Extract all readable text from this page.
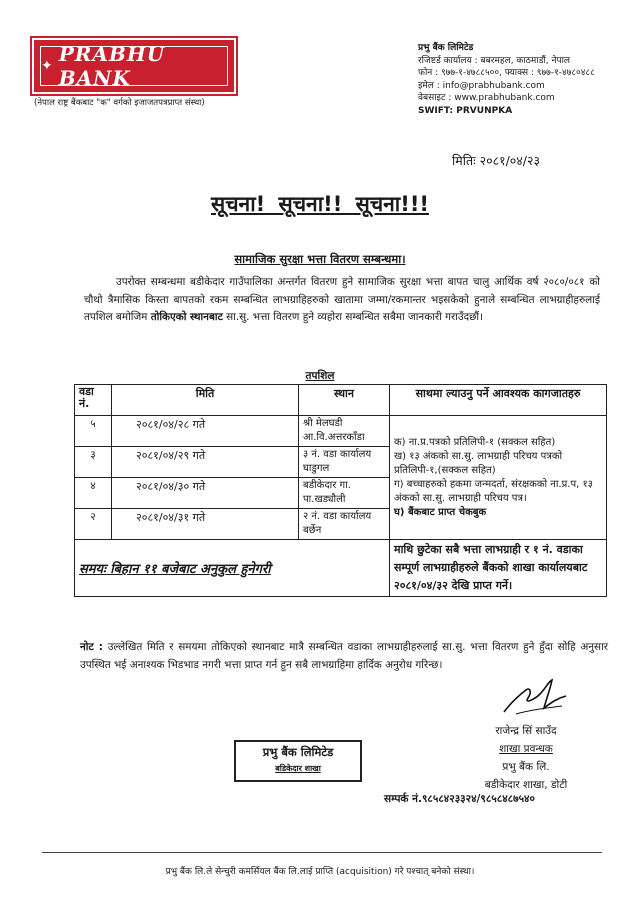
✦ PRABHU BANK
(नेपाल राष्ट्र बैंकबाट "क" वर्गको इजाजतपत्रप्राप्त संस्था)
प्रभु बैंक लिमिटेड
रजिष्टर्ड कार्यालय : बबरमहल, काठमाडौं, नेपाल
फोन : ९७७-१-४७८८५००, फ्याक्स : ९७७-१-४७८०४८८
इमेल : info@prabhubank.com
वेबसाइट : www.prabhubank.com
SWIFT: PRVUNPKA
मितिः २०८१/०४/२३
सूचना! सूचना!! सूचना!!!
सामाजिक सुरक्षा भत्ता वितरण सम्बन्धमा।
उपरोक्त सम्बन्धमा बडीकेदार गाउँपालिका अन्तर्गत वितरण हुने सामाजिक सुरक्षा भत्ता बापत चालु आर्थिक वर्ष २०८०/०८१ को चौथो त्रैमासिक किस्ता बापतको रकम सम्बन्धित लाभग्राहिहरुको खातामा जम्मा/रकमान्तर भइसकेको हुनाले सम्बन्धित लाभग्राहीहरुलाई तपशिल बमोजिम तोकिएको स्थानबाट सा.सु. भत्ता वितरण हुने व्यहोरा सम्बन्धित सबैमा जानकारी गराउँदछौं।
तपशिल
वडा नं.	मिति	स्थान	साथमा ल्याउनु पर्ने आवश्यक कागजातहरु
५	२०८१/०४/२८ गते	श्री मेलघडी आ.वि.अत्तरकाँडा	क) ना.प्र.पत्रको प्रतिलिपी-१ (सक्कल सहित)
ख) १३ अंकको सा.सु. लाभग्राही परिचय पत्रको प्रतिलिपी-१,(सक्कल सहित)
ग) बच्चाहरुको हकमा जन्मदर्ता, संरक्षकको ना.प्र.प, १३ अंकको सा.सु. लाभग्राही परिचय पत्र।
घ) बैंकबाट प्राप्त चेकबुक

३	२०८१/०४/२९ गते	३ नं. वडा कार्यालय घाडुगल	
४	२०८१/०४/३० गते	बडीकेदार गा. पा.खड्यौली	
२	२०८१/०४/३१ गते	२ नं. वडा कार्यालय बर्छेन	
समयः बिहान ११ बजेबाट अनुकुल हुनेगरी			माथि छुटेका सबै भत्ता लाभग्राही र १ नं. वडाका सम्पूर्ण लाभग्राहीहरुले बैंकको शाखा कार्यालयबाट २०८१/०४/३२ देखि प्राप्त गर्ने।
नोट : उल्लेखित मिति र समयमा तोकिएको स्थानबाट मात्रै सम्बन्धित वडाका लाभग्राहीहरुलाई सा.सु. भत्ता वितरण हुने हुँदा सोहि अनुसार उपस्थित भई अनाश्यक भिडभाड नगरी भत्ता प्राप्त गर्न हुन सबै लाभग्राहिमा हार्दिक अनुरोध गरिन्छ।
राजेन्द्र सिं साउँद
शाखा प्रवन्धक
प्रभु बैंक लि.
बडीकेदार शाखा, डोटी
सम्पर्क नं.९८५८४२३३२४/९८५८४८७५४०
प्रभु बैंक लिमिटेड
बडिकेदार शाखा
प्रभु बैंक लि.ले सेन्चुरी कमर्सियल बैंक लि.लाई प्राप्ति (acquisition) गरे पश्चात् बनेको संस्था।
